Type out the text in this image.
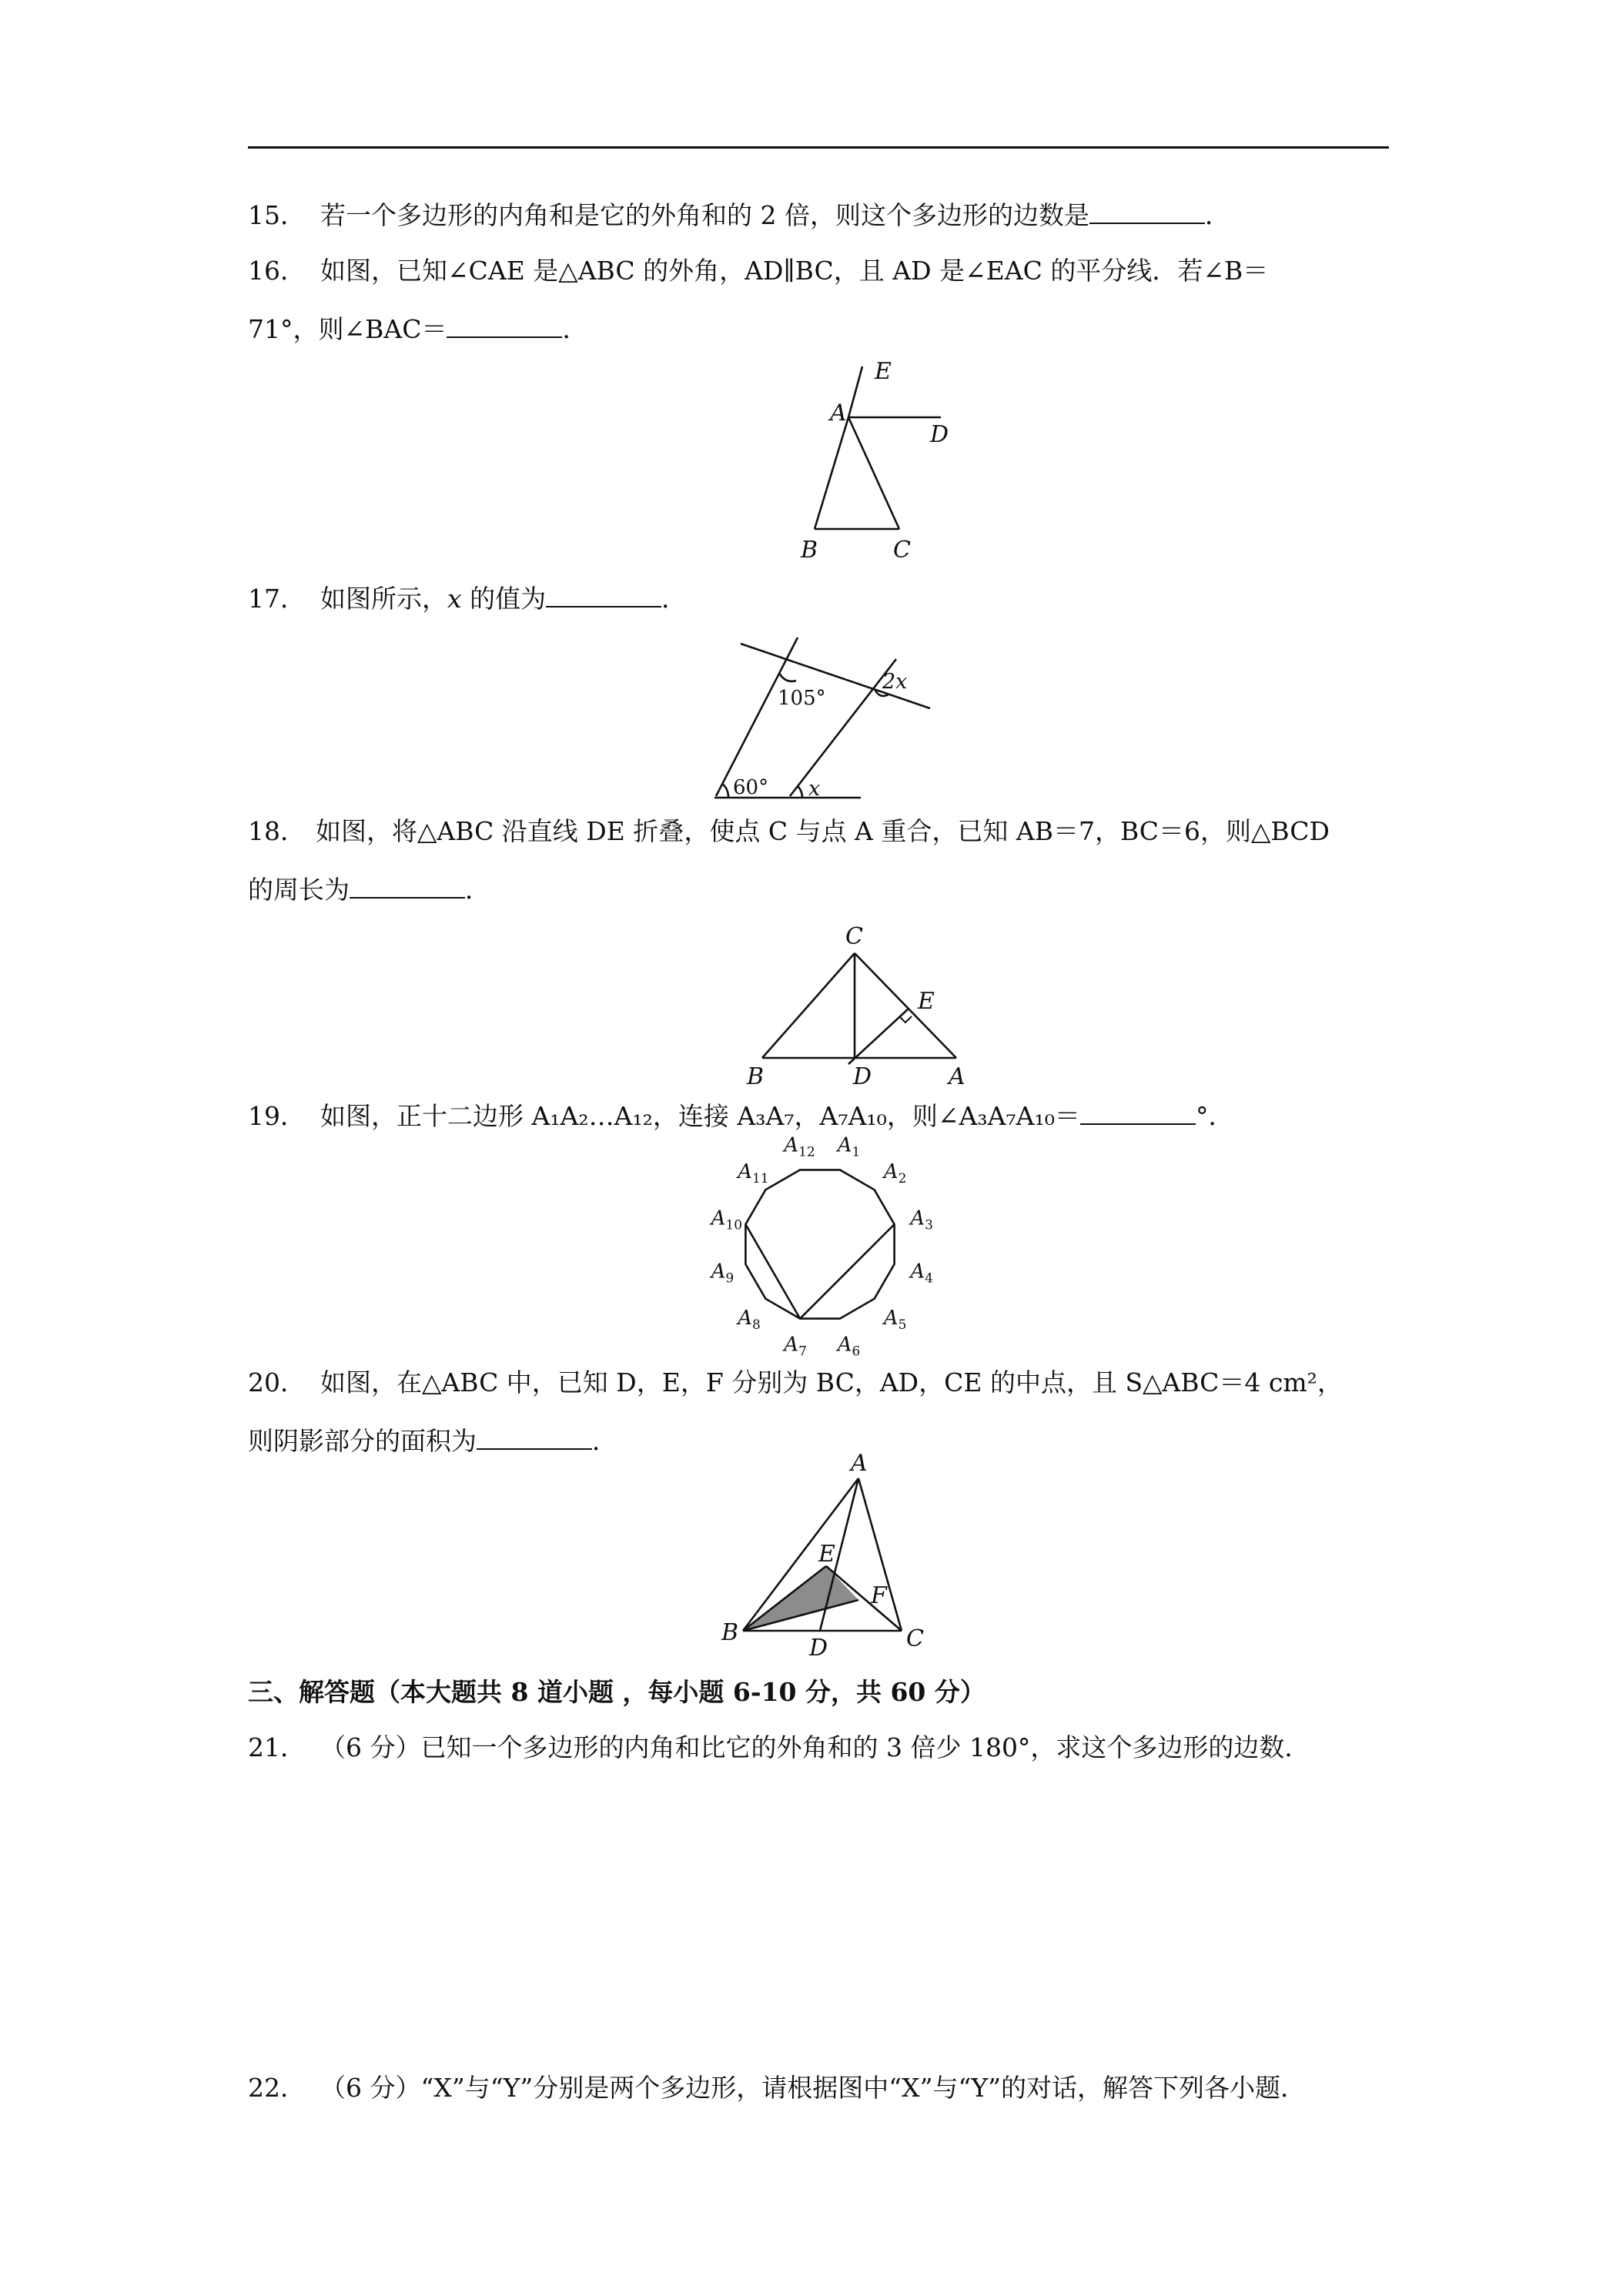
15． 若一个多边形的内角和是它的外角和的 2 倍，则这个多边形的边数是	．
16． 如图，已知∠CAE 是△ABC 的外角，AD∥BC，且 AD 是∠EAC 的平分线．若∠B＝
71°，则∠BAC＝	．
E
A
D
B	C
17． 如图所示，x 的值为	．
105°
2x
60° x
18． 如图，将△ABC 沿直线 DE 折叠，使点 C 与点 A 重合，已知 AB＝7，BC＝6，则△BCD
的周长为	．
C
E
B	D	A
19． 如图，正十二边形 A₁A₂…A₁₂，连接 A₃A₇，A₇A₁₀，则∠A₃A₇A₁₀＝	°．
$A_1$
$A_2$
$A_3$
$A_4$
$A_5$
$A_6$
$A_7$
$A_8$
$A_9$
$A_{10}$
$A_{11}$
$A_{12}$
20． 如图，在△ABC 中，已知 D，E，F 分别为 BC，AD，CE 的中点，且 S△ABC＝4 cm²，
则阴影部分的面积为	．
A
E
F
B
D	C
三、解答题（本大题共 8 道小题 ，每小题 6-10 分，共 60 分）
21． （6 分）已知一个多边形的内角和比它的外角和的 3 倍少 180°，求这个多边形的边数．
22． （6 分）“X”与“Y”分别是两个多边形，请根据图中“X”与“Y”的对话，解答下列各小题．
